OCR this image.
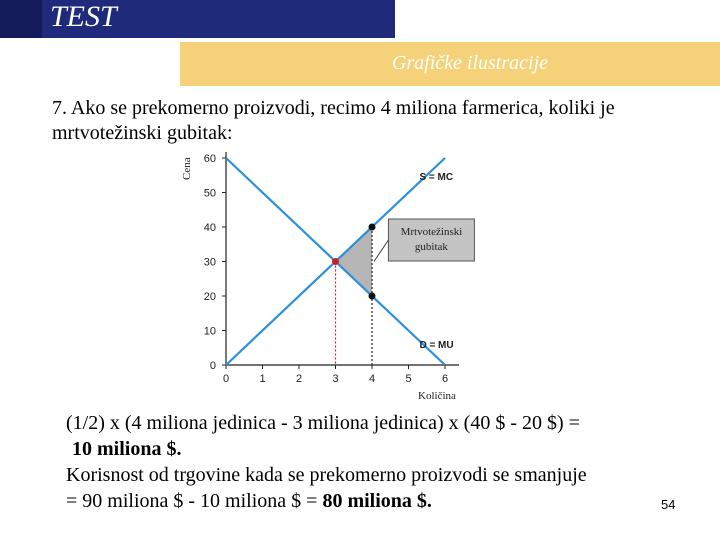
TEST
Grafičke ilustracije
7. Ako se prekomerno proizvodi, recimo 4 miliona farmerica, koliki je mrtvotežinski gubitak:
0	1	2	3	4	5	6
0
10
20
30
40
50
60
Cena
Količina
S = MC
D = MU
Mrtvotežinski
gubitak
(1/2) x (4 miliona jedinica - 3 miliona jedinica) x (40 $ - 20 $) =
10 miliona $.
Korisnost od trgovine kada se prekomerno proizvodi se smanjuje
= 90 miliona $ - 10 miliona $ = 80 miliona $.	54
